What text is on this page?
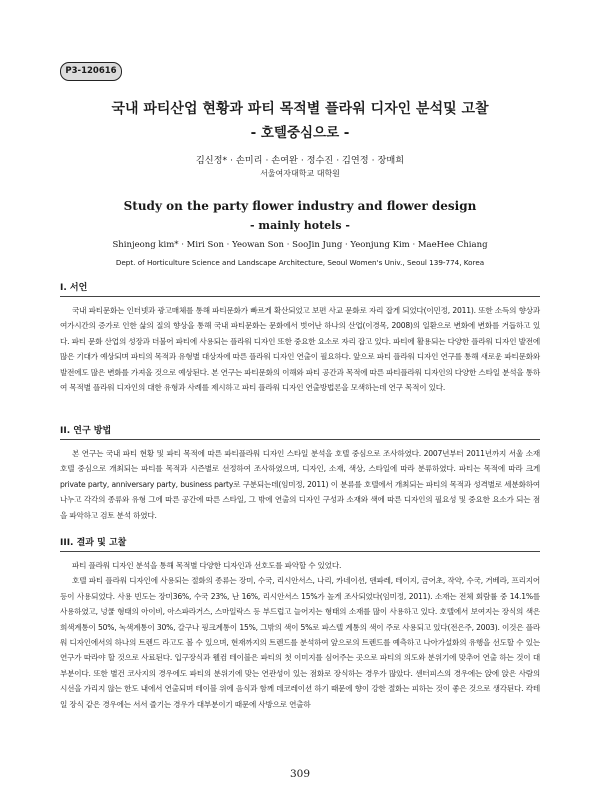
P3-120616
국내 파티산업 현황과 파티 목적별 플라워 디자인 분석및 고찰
- 호텔중심으로 -
김신정* · 손미리 · 손여완 · 정수진 · 김연정 · 장매희
서울여자대학교 대학원
Study on the party flower industry and flower design
- mainly hotels -
Shinjeong kim* · Miri Son · Yeowan Son · SooJin Jung · Yeonjung Kim · MaeHee Chiang
Dept. of Horticulture Science and Landscape Architecture, Seoul Women's Univ., Seoul 139-774, Korea
I. 서언

국내 파티문화는 인터넷과 광고매체를 통해 파티문화가 빠르게 확산되었고 보편 사교 문화로 자리 잡게 되었다(이민정, 2011). 또한 소득의 향상과 여가시간의 증가로 인한 삶의 질의 향상을 통해 국내 파티문화는 문화에서 벗어난 하나의 산업(이경목, 2008)의 일환으로 변화에 변화를 거듭하고 있다. 파티 문화 산업의 성장과 더불어 파티에 사용되는 플라워 디자인 또한 중요한 요소로 자리 잡고 있다. 파티에 활용되는 다양한 플라워 디자인 발전에 많은 기대가 예상되며 파티의 목적과 유형별 대상자에 따른 플라워 디자인 연출이 필요하다. 앞으로 파티 플라워 디자인 연구를 통해 새로운 파티문화와 발전에도 많은 변화를 가져올 것으로 예상된다. 본 연구는 파티문화의 이해와 파티 공간과 목적에 따른 파티플라워 디자인의 다양한 스타일 분석을 통하여 목적별 플라워 디자인의 대한 유형과 사례를 제시하고 파티 플라워 디자인 연출방법론을 모색하는데 연구 목적이 있다.

II. 연구 방법

본 연구는 국내 파티 현황 및 파티 목적에 따른 파티플라워 디자인 스타일 분석을 호텔 중심으로 조사하였다. 2007년부터 2011년까지 서울 소재 호텔 중심으로 개최되는 파티를 목적과 시즌별로 선정하여 조사하였으며, 디자인, 소재, 색상, 스타일에 따라 분류하였다. 파티는 목적에 따라 크게 private party, anniversary party, business party로 구분되는데(임미정, 2011) 이 분류를 호텔에서 개최되는 파티의 목적과 성격별로 세분화하여 나누고 각각의 종류와 유형 그에 따른 공간에 따른 스타일, 그 밖에 연출의 디자인 구성과 소재와 색에 따른 디자인의 필요성 및 중요한 요소가 되는 점을 파악하고 검토 분석 하였다.

III. 결과 및 고찰

파티 플라워 디자인 분석을 통해 목적별 다양한 디자인과 선호도를 파악할 수 있었다.

호텔 파티 플라워 디자인에 사용되는 절화의 종류는 장미, 수국, 리시안서스, 나리, 카네이션, 덴파레, 테이지, 금어초, 작약, 수국, 거베라, 프리지어 등이 사용되었다. 사용 빈도는 장미36%, 수국 23%, 난 16%, 리시안서스 15%가 높게 조사되었다(임미정, 2011). 소재는 전체 회람률 중 14.1%를 사용하였고, 넝쿨 형태의 아이비, 아스파라거스, 스마일락스 등 부드럽고 늘어지는 형태의 소재를 많이 사용하고 있다. 호텔에서 보여지는 장식의 색은 희색계통이 50%, 녹색계통이 30%, 갈구나 핑크계통이 15%, 그밖의 색이 5%로 파스텔 계통의 색이 주로 사용되고 있다(전은주, 2003). 이것은 플라워 디자인에서의 하나의 트렌드 라고도 볼 수 있으며, 현재까지의 트렌드를 분석하여 앞으로의 트렌드를 예측하고 나아가설화의 유행을 선도할 수 있는 연구가 따라야 할 것으로 사료된다. 입구장식과 웰컴 테이블은 파티의 첫 이미지를 심어주는 곳으로 파티의 의도와 분위기에 맞추어 연출 하는 것이 대부분이다. 또한 별건 코사지의 경우에도 파티의 분위기에 맞는 연관성이 있는 점화로 장식하는 경우가 많았다. 센터피스의 경우에는 앉에 앉은 사람의 시선을 가리지 않는 한도 내에서 연출되며 테이블 위에 음식과 함께 데코레이션 하기 때문에 향이 강한 절화는 피하는 것이 좋은 것으로 생각된다. 칵테일 장식 같은 경우에는 서서 즐기는 경우가 대부분이기 때문에 사방으로 연출하

309
